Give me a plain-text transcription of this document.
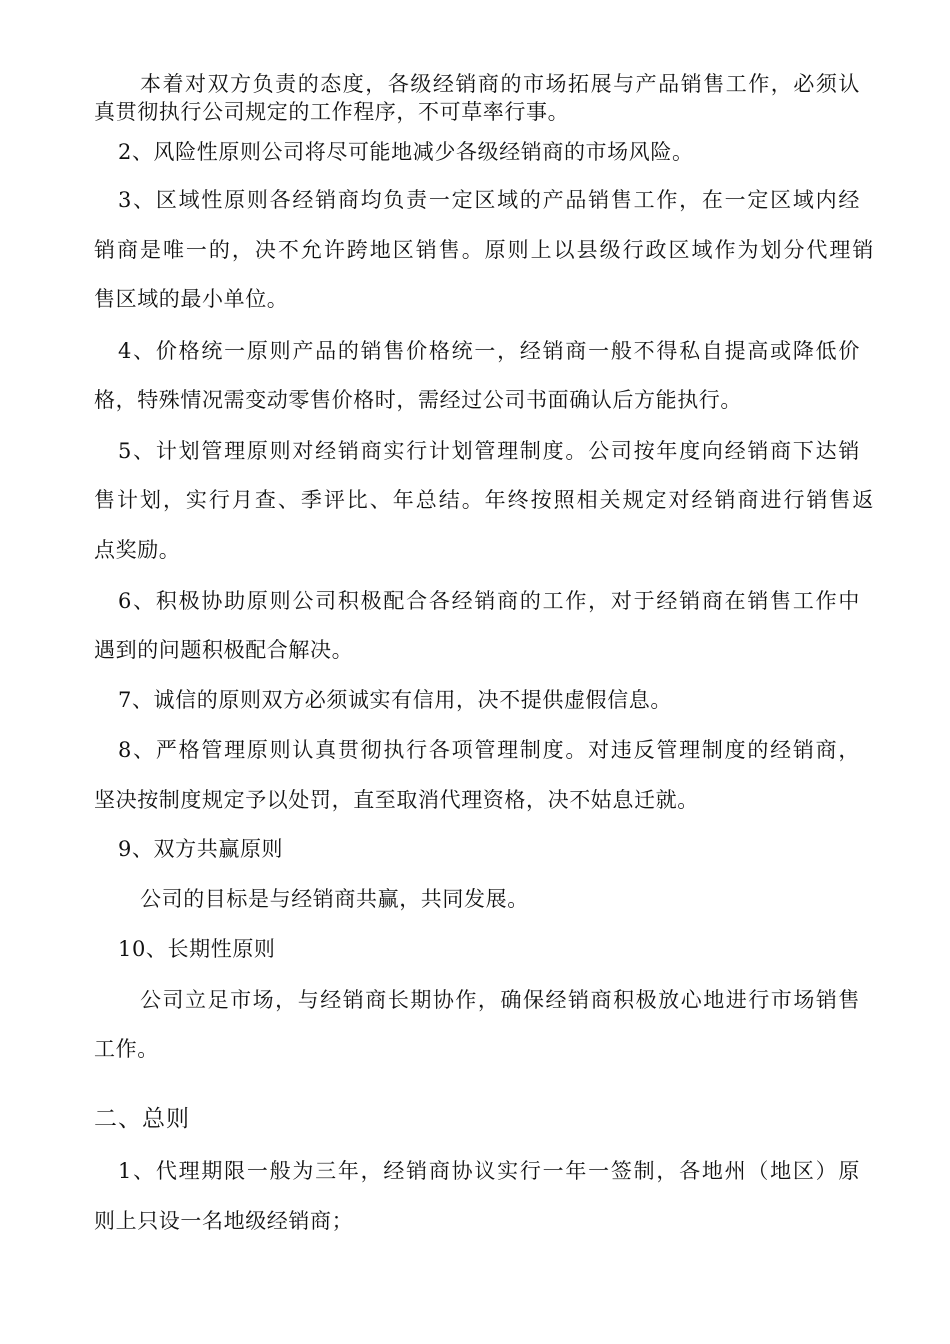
本着对双方负责的态度，各级经销商的市场拓展与产品销售工作，必须认
真贯彻执行公司规定的工作程序，不可草率行事。
2、风险性原则公司将尽可能地减少各级经销商的市场风险。
3、区域性原则各经销商均负责一定区域的产品销售工作，在一定区域内经
销商是唯一的，决不允许跨地区销售。原则上以县级行政区域作为划分代理销
售区域的最小单位。
4、价格统一原则产品的销售价格统一，经销商一般不得私自提高或降低价
格，特殊情况需变动零售价格时，需经过公司书面确认后方能执行。
5、计划管理原则对经销商实行计划管理制度。公司按年度向经销商下达销
售计划，实行月查、季评比、年总结。年终按照相关规定对经销商进行销售返
点奖励。
6、积极协助原则公司积极配合各经销商的工作，对于经销商在销售工作中
遇到的问题积极配合解决。
7、诚信的原则双方必须诚实有信用，决不提供虚假信息。
8、严格管理原则认真贯彻执行各项管理制度。对违反管理制度的经销商，
坚决按制度规定予以处罚，直至取消代理资格，决不姑息迁就。
9、双方共赢原则
公司的目标是与经销商共赢，共同发展。
10、长期性原则
公司立足市场，与经销商长期协作，确保经销商积极放心地进行市场销售
工作。
二、总则
1、代理期限一般为三年，经销商协议实行一年一签制，各地州（地区）原
则上只设一名地级经销商；
